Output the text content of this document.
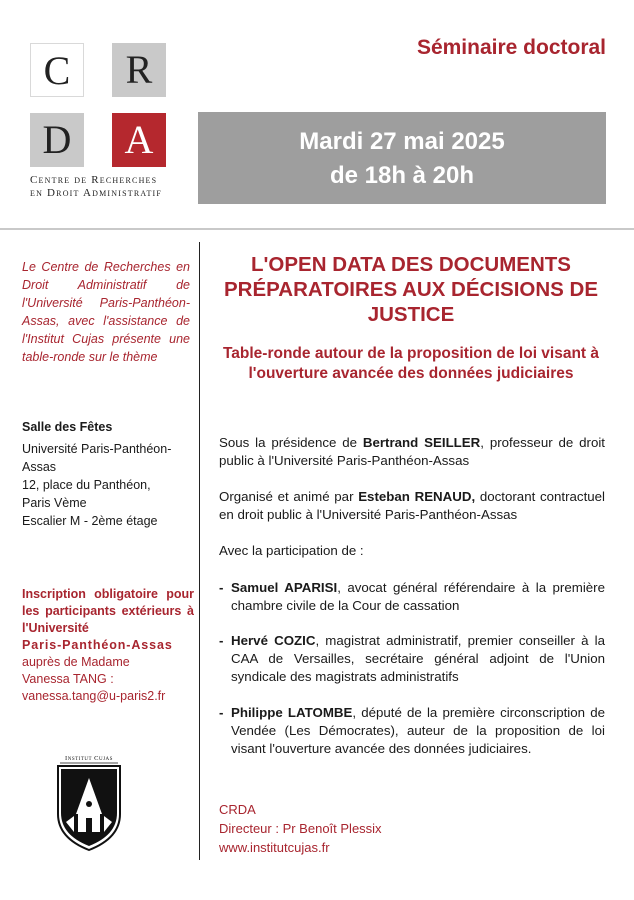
C	R
D	A
Centre de Recherches
en Droit Administratif
Séminaire doctoral
Mardi 27 mai 2025
de 18h à 20h
Le Centre de Recherches en Droit Administratif de l'Université Paris-Panthéon-Assas, avec l'assistance de l'Institut Cujas présente une table-ronde sur le thème
Salle des Fêtes
Université Paris-Panthéon-
Assas
12, place du Panthéon,
Paris Vème
Escalier M - 2ème étage
Inscription obligatoire pour les participants extérieurs à l'Université
Paris-Panthéon-Assas
auprès de Madame
Vanessa TANG :
vanessa.tang@u-paris2.fr
Institut Cujas
L'OPEN DATA DES DOCUMENTS PRÉPARATOIRES AUX DÉCISIONS DE JUSTICE
Table-ronde autour de la proposition de loi visant à l'ouverture avancée des données judiciaires
Sous la présidence de Bertrand SEILLER, professeur de droit public à l'Université Paris-Panthéon-Assas
Organisé et animé par Esteban RENAUD, doctorant contractuel en droit public à l'Université Paris-Panthéon-Assas
Avec la participation de :
- Samuel APARISI, avocat général référendaire à la première chambre civile de la Cour de cassation
- Hervé COZIC, magistrat administratif, premier conseiller à la CAA de Versailles, secrétaire général adjoint de l'Union syndicale des magistrats administratifs
- Philippe LATOMBE, député de la première circonscription de Vendée (Les Démocrates), auteur de la proposition de loi visant l'ouverture avancée des données judiciaires.
CRDA
Directeur : Pr Benoît Plessix
www.institutcujas.fr
